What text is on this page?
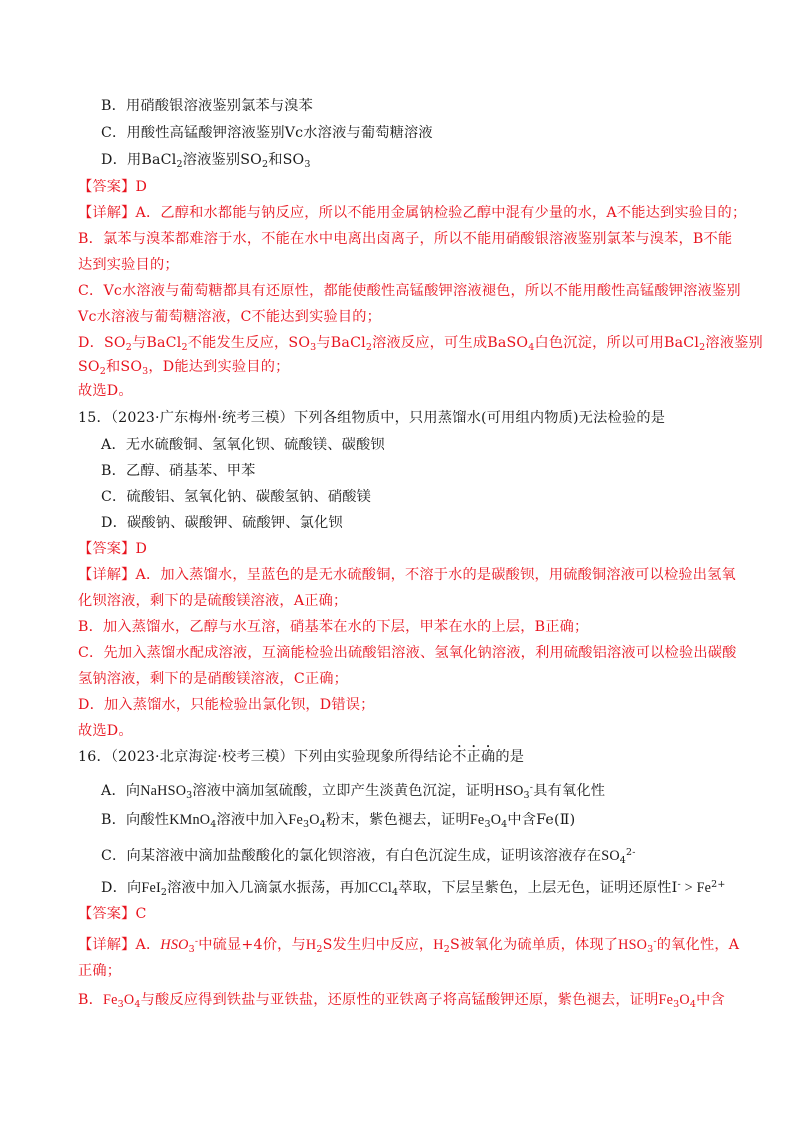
B．用硝酸银溶液鉴别氯苯与溴苯
C．用酸性高锰酸钾溶液鉴别Vc水溶液与葡萄糖溶液
D．用BaCl$_2$溶液鉴别$SO_2$和$SO_3$
【答案】D
【详解】A．乙醇和水都能与钠反应，所以不能用金属钠检验乙醇中混有少量的水，A不能达到实验目的；
B．氯苯与溴苯都难溶于水，不能在水中电离出卤离子，所以不能用硝酸银溶液鉴别氯苯与溴苯，B不能
达到实验目的；
C．Vc水溶液与葡萄糖都具有还原性，都能使酸性高锰酸钾溶液褪色，所以不能用酸性高锰酸钾溶液鉴别
Vc水溶液与葡萄糖溶液，C不能达到实验目的；
D．$SO_2$与BaCl$_2$不能发生反应，$SO_3$与BaCl$_2$溶液反应，可生成BaSO$_4$白色沉淀，所以可用BaCl$_2$溶液鉴别
$SO_2$和$SO_3$，D能达到实验目的；
故选D。
15．（2023·广东梅州·统考三模）下列各组物质中，只用蒸馏水(可用组内物质)无法检验的是
A．无水硫酸铜、氢氧化钡、硫酸镁、碳酸钡
B．乙醇、硝基苯、甲苯
C．硫酸铝、氢氧化钠、碳酸氢钠、硝酸镁
D．碳酸钠、碳酸钾、硫酸钾、氯化钡
【答案】D
【详解】A．加入蒸馏水，呈蓝色的是无水硫酸铜，不溶于水的是碳酸钡，用硫酸铜溶液可以检验出氢氧
化钡溶液，剩下的是硫酸镁溶液，A正确；
B．加入蒸馏水，乙醇与水互溶，硝基苯在水的下层，甲苯在水的上层，B正确；
C．先加入蒸馏水配成溶液，互滴能检验出硫酸铝溶液、氢氧化钠溶液，利用硫酸铝溶液可以检验出碳酸
氢钠溶液，剩下的是硝酸镁溶液，C正确；
D．加入蒸馏水，只能检验出氯化钡，D错误；
故选D。
16．（2023·北京海淀·校考三模）下列由实验现象所得结论不正确的是
A．向NaHSO$_3$溶液中滴加氢硫酸，立即产生淡黄色沉淀，证明$HSO_3^-$具有氧化性
B．向酸性KMnO$_4$溶液中加入$Fe_3O_4$粉末，紫色褪去，证明$Fe_3O_4$中含Fe(Ⅱ)
C．向某溶液中滴加盐酸酸化的氯化钡溶液，有白色沉淀生成，证明该溶液存在$SO_4^{2-}$
D．向FeI$_2$溶液中加入几滴氯水振荡，再加CCl$_4$萃取，下层呈紫色，上层无色，证明还原性$I^- > Fe^{2+}$
【答案】C
【详解】A．$HSO_3^-$中硫显+4价，与$H_2S$发生归中反应，$H_2S$被氧化为硫单质，体现了$HSO_3^-$的氧化性，A
正确；
B．$Fe_3O_4$与酸反应得到铁盐与亚铁盐，还原性的亚铁离子将高锰酸钾还原，紫色褪去，证明$Fe_3O_4$中含
